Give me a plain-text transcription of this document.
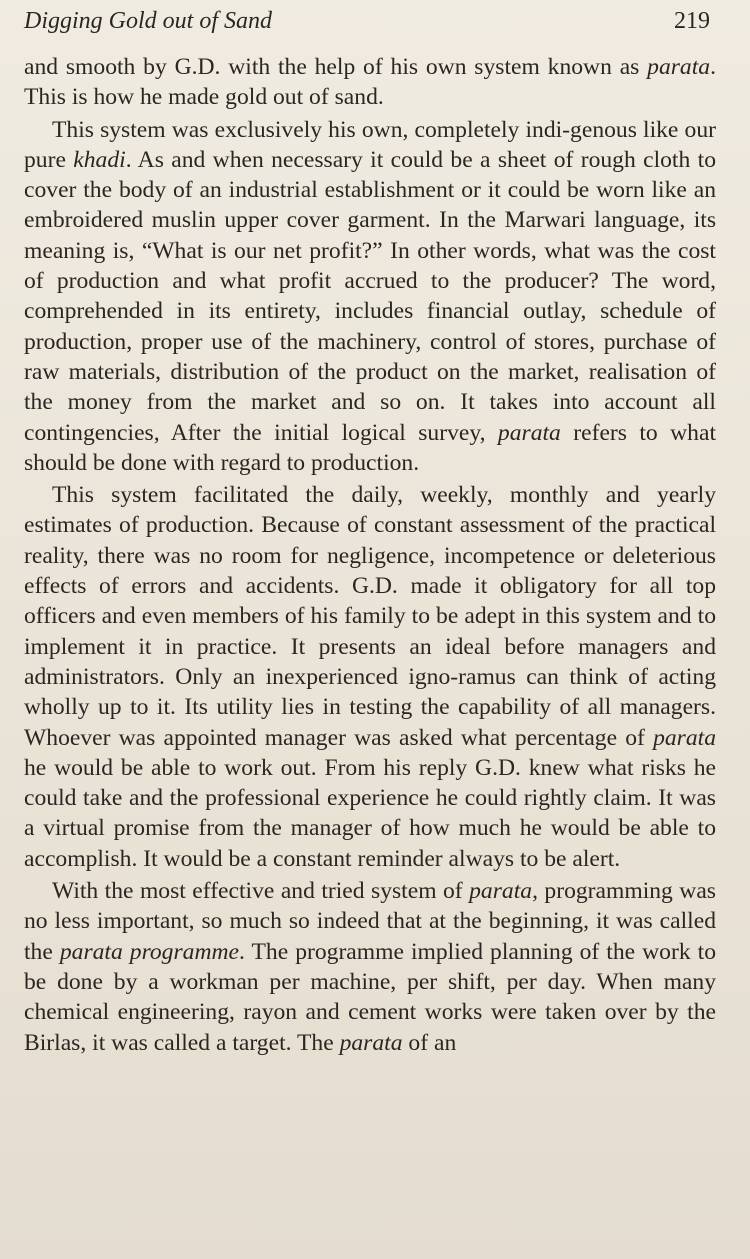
Digging Gold out of Sand	219

and smooth by G.D. with the help of his own system known as parata. This is how he made gold out of sand.

This system was exclusively his own, completely indi-genous like our pure khadi. As and when necessary it could be a sheet of rough cloth to cover the body of an industrial establishment or it could be worn like an embroidered muslin upper cover garment. In the Marwari language, its meaning is, “What is our net profit?” In other words, what was the cost of production and what profit accrued to the producer? The word, comprehended in its entirety, includes financial outlay, schedule of production, proper use of the machinery, control of stores, purchase of raw materials, distribution of the product on the market, realisation of the money from the market and so on. It takes into account all contingencies, After the initial logical survey, parata refers to what should be done with regard to production.

This system facilitated the daily, weekly, monthly and yearly estimates of production. Because of constant assessment of the practical reality, there was no room for negligence, incompetence or deleterious effects of errors and accidents. G.D. made it obligatory for all top officers and even members of his family to be adept in this system and to implement it in practice. It presents an ideal before managers and administrators. Only an inexperienced igno-ramus can think of acting wholly up to it. Its utility lies in testing the capability of all managers. Whoever was appointed manager was asked what percentage of parata he would be able to work out. From his reply G.D. knew what risks he could take and the professional experience he could rightly claim. It was a virtual promise from the manager of how much he would be able to accomplish. It would be a constant reminder always to be alert.

With the most effective and tried system of parata, programming was no less important, so much so indeed that at the beginning, it was called the parata programme. The programme implied planning of the work to be done by a workman per machine, per shift, per day. When many chemical engineering, rayon and cement works were taken over by the Birlas, it was called a target. The parata of an
